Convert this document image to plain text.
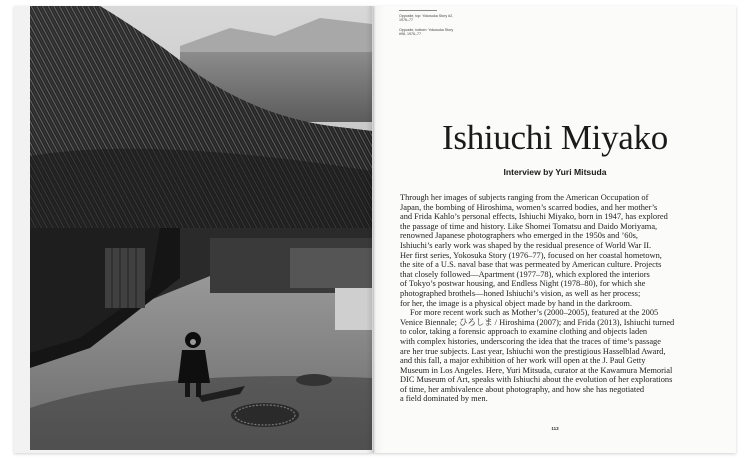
Opposite, top: Yokosuka Story #2, 1976–77
Opposite, bottom: Yokosuka Story #98, 1976–77
Ishiuchi Miyako
Interview by Yuri Mitsuda
Through her images of subjects ranging from the American Occupation of
Japan, the bombing of Hiroshima, women’s scarred bodies, and her mother’s
and Frida Kahlo’s personal effects, Ishiuchi Miyako, born in 1947, has explored
the passage of time and history. Like Shomei Tomatsu and Daido Moriyama,
renowned Japanese photographers who emerged in the 1950s and ’60s,
Ishiuchi’s early work was shaped by the residual presence of World War II.
Her first series, Yokosuka Story (1976–77), focused on her coastal hometown,
the site of a U.S. naval base that was permeated by American culture. Projects
that closely followed—Apartment (1977–78), which explored the interiors
of Tokyo’s postwar housing, and Endless Night (1978–80), for which she
photographed brothels—honed Ishiuchi’s vision, as well as her process;
for her, the image is a physical object made by hand in the darkroom.
For more recent work such as Mother’s (2000–2005), featured at the 2005
Venice Biennale; ひろしま / Hiroshima (2007); and Frida (2013), Ishiuchi turned
to color, taking a forensic approach to examine clothing and objects laden
with complex histories, underscoring the idea that the traces of time’s passage
are her true subjects. Last year, Ishiuchi won the prestigious Hasselblad Award,
and this fall, a major exhibition of her work will open at the J. Paul Getty
Museum in Los Angeles. Here, Yuri Mitsuda, curator at the Kawamura Memorial
DIC Museum of Art, speaks with Ishiuchi about the evolution of her explorations
of time, her ambivalence about photography, and how she has negotiated
a field dominated by men.
113
